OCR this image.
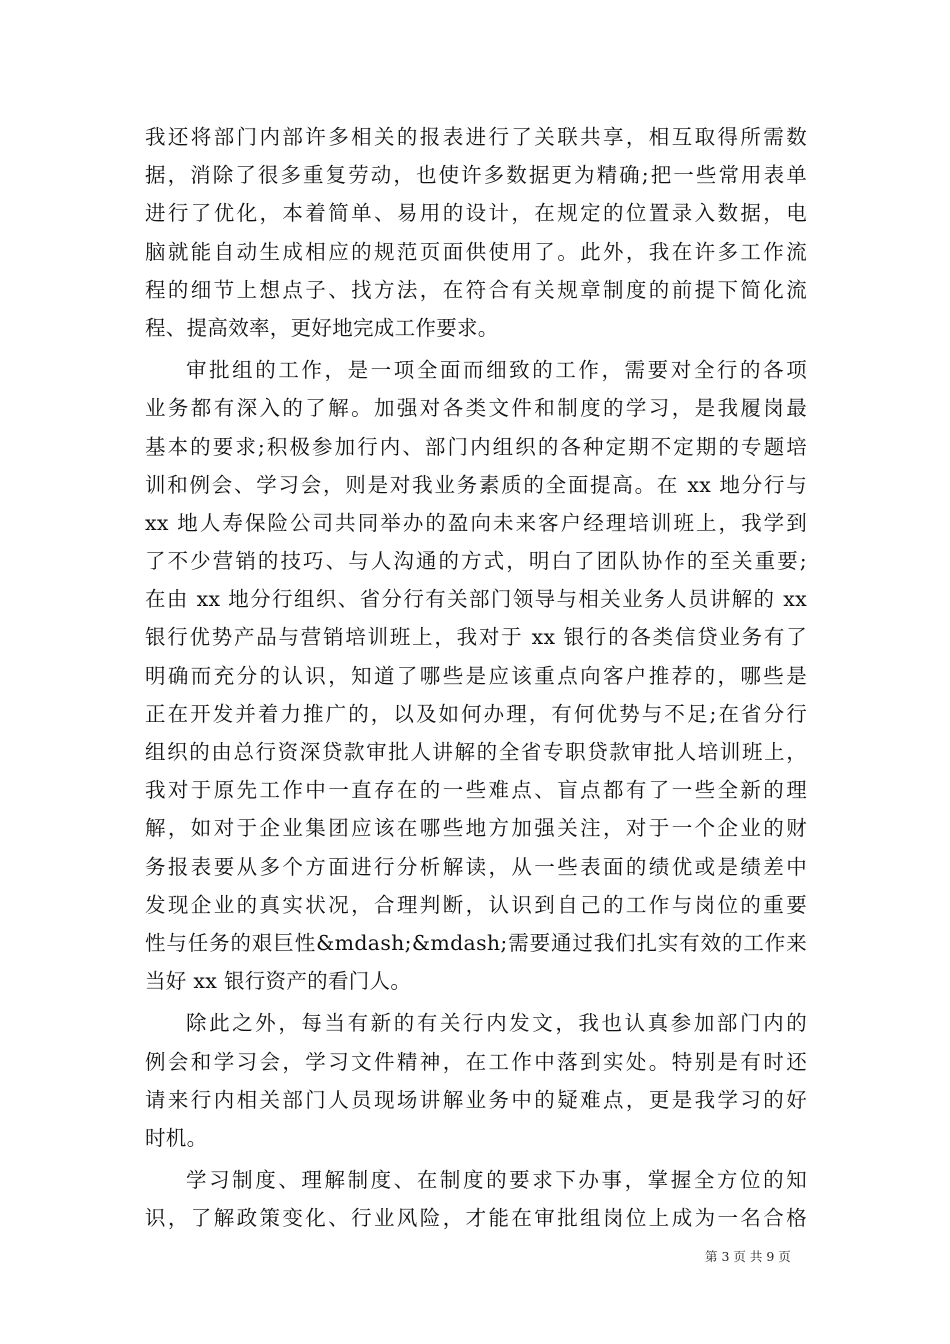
我还将部门内部许多相关的报表进行了关联共享，相互取得所需数
据，消除了很多重复劳动，也使许多数据更为精确;把一些常用表单
进行了优化，本着简单、易用的设计，在规定的位置录入数据，电
脑就能自动生成相应的规范页面供使用了。此外，我在许多工作流
程的细节上想点子、找方法，在符合有关规章制度的前提下简化流
程、提高效率，更好地完成工作要求。
审批组的工作，是一项全面而细致的工作，需要对全行的各项
业务都有深入的了解。加强对各类文件和制度的学习，是我履岗最
基本的要求;积极参加行内、部门内组织的各种定期不定期的专题培
训和例会、学习会，则是对我业务素质的全面提高。在 xx 地分行与
xx 地人寿保险公司共同举办的盈向未来客户经理培训班上，我学到
了不少营销的技巧、与人沟通的方式，明白了团队协作的至关重要;
在由 xx 地分行组织、省分行有关部门领导与相关业务人员讲解的 xx
银行优势产品与营销培训班上，我对于 xx 银行的各类信贷业务有了
明确而充分的认识，知道了哪些是应该重点向客户推荐的，哪些是
正在开发并着力推广的，以及如何办理，有何优势与不足;在省分行
组织的由总行资深贷款审批人讲解的全省专职贷款审批人培训班上，
我对于原先工作中一直存在的一些难点、盲点都有了一些全新的理
解，如对于企业集团应该在哪些地方加强关注，对于一个企业的财
务报表要从多个方面进行分析解读，从一些表面的绩优或是绩差中
发现企业的真实状况，合理判断，认识到自己的工作与岗位的重要
性与任务的艰巨性&mdash;&mdash;需要通过我们扎实有效的工作来
当好 xx 银行资产的看门人。
除此之外，每当有新的有关行内发文，我也认真参加部门内的
例会和学习会，学习文件精神，在工作中落到实处。特别是有时还
请来行内相关部门人员现场讲解业务中的疑难点，更是我学习的好
时机。
学习制度、理解制度、在制度的要求下办事，掌握全方位的知
识，了解政策变化、行业风险，才能在审批组岗位上成为一名合格
第 3 页 共 9 页
